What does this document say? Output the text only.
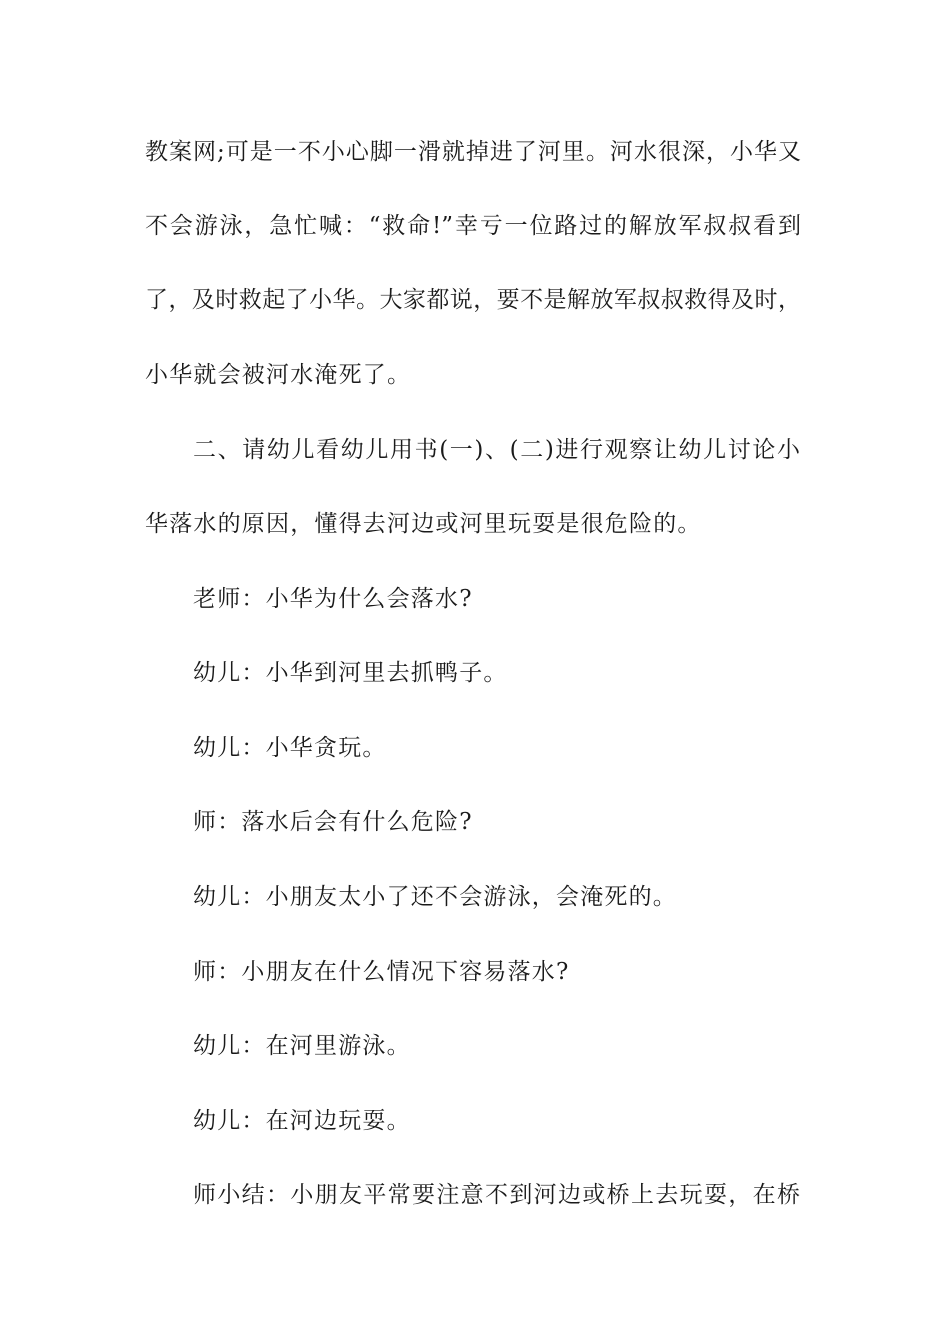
教案网;可是一不小心脚一滑就掉进了河里。河水很深，小华又
不会游泳，急忙喊：“救命!”幸亏一位路过的解放军叔叔看到
了，及时救起了小华。大家都说，要不是解放军叔叔救得及时，
小华就会被河水淹死了。
二、请幼儿看幼儿用书(一)、(二)进行观察让幼儿讨论小
华落水的原因，懂得去河边或河里玩耍是很危险的。
老师：小华为什么会落水?
幼儿：小华到河里去抓鸭子。
幼儿：小华贪玩。
师：落水后会有什么危险?
幼儿：小朋友太小了还不会游泳，会淹死的。
师：小朋友在什么情况下容易落水?
幼儿：在河里游泳。
幼儿：在河边玩耍。
师小结：小朋友平常要注意不到河边或桥上去玩耍，在桥
